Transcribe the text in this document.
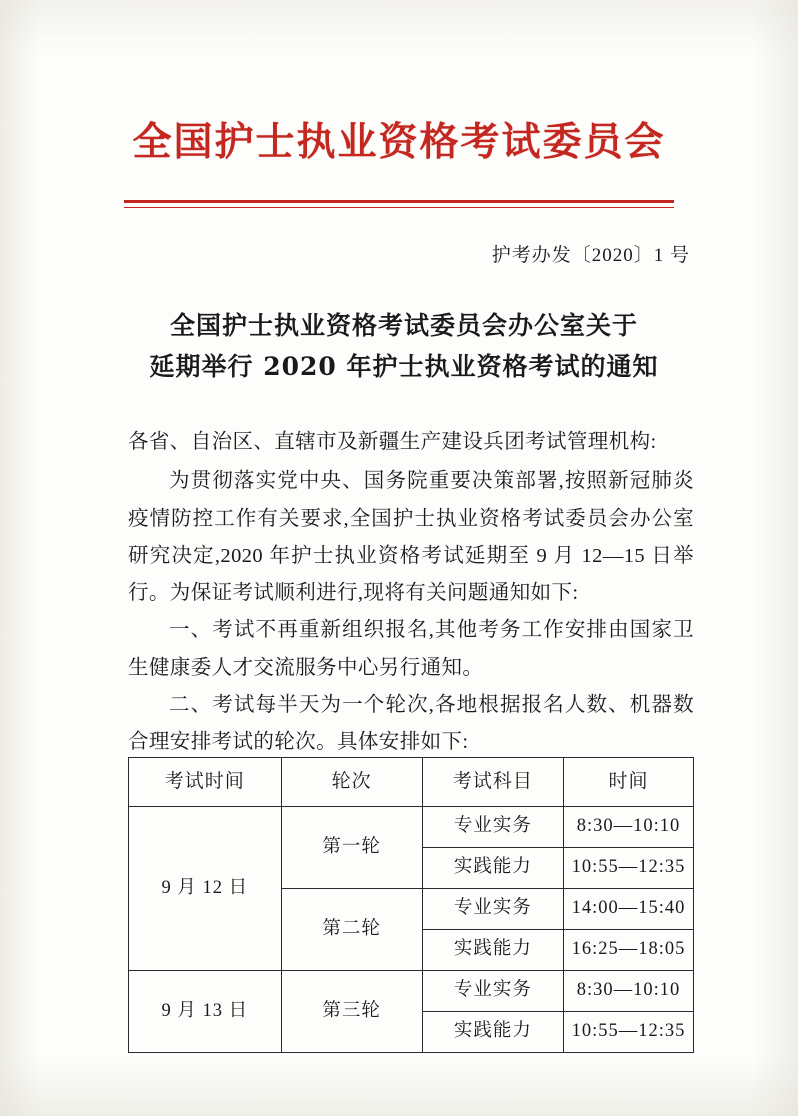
全国护士执业资格考试委员会
护考办发〔2020〕1 号
全国护士执业资格考试委员会办公室关于
延期举行 2020 年护士执业资格考试的通知

各省、自治区、直辖市及新疆生产建设兵团考试管理机构:

为贯彻落实党中央、国务院重要决策部署,按照新冠肺炎疫情防控工作有关要求,全国护士执业资格考试委员会办公室研究决定,2020 年护士执业资格考试延期至 9 月 12—15 日举行。为保证考试顺利进行,现将有关问题通知如下:

一、考试不再重新组织报名,其他考务工作安排由国家卫生健康委人才交流服务中心另行通知。

二、考试每半天为一个轮次,各地根据报名人数、机器数合理安排考试的轮次。具体安排如下:

考试时间	轮次	考试科目	时间
9 月 12 日	第一轮	专业实务	8:30—10:10
		实践能力	10:55—12:35
	第二轮	专业实务	14:00—15:40
		实践能力	16:25—18:05
9 月 13 日	第三轮	专业实务	8:30—10:10
		实践能力	10:55—12:35
